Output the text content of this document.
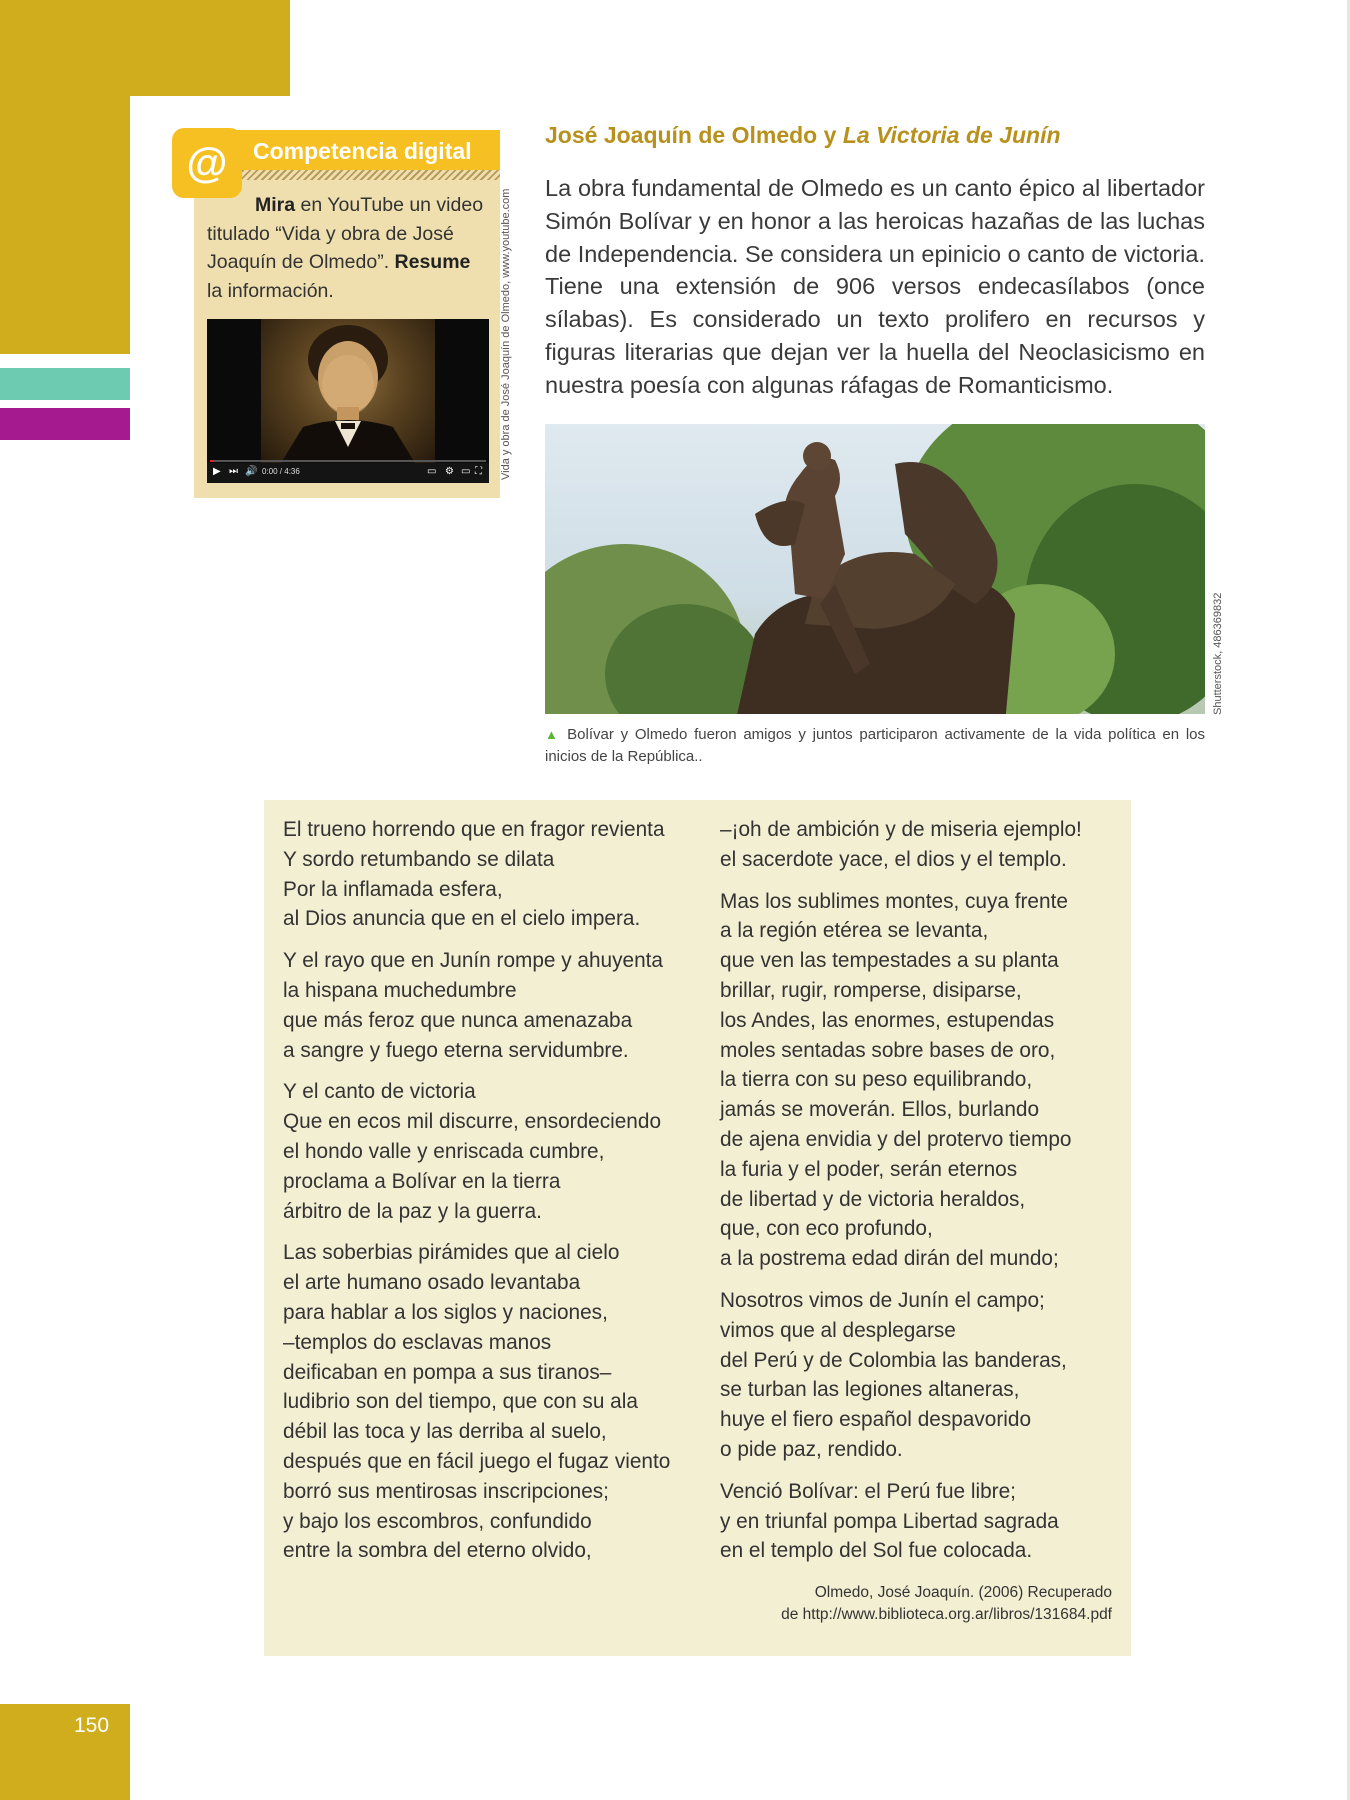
150
@	Competencia digital
Mira en YouTube un video titulado “Vida y obra de José Joaquín de Olmedo”. Resume la información.
▶ ⏭ 🔊 0:00 / 4:36	▭ ⚙ ▭ ⛶ Vida y obra de José Joaquín de Olmedo, www.youtube.com
José Joaquín de Olmedo y La Victoria de Junín
La obra fundamental de Olmedo es un canto épico al libertador Simón Bolívar y en honor a las heroicas hazañas de las luchas de Independencia. Se considera un epinicio o canto de victoria. Tiene una extensión de 906 versos endecasílabos (once sílabas). Es considerado un texto prolifero en recursos y figuras literarias que dejan ver la huella del Neoclasicismo en nuestra poesía con algunas ráfagas de Romanticismo.
Shutterstock, 486369832
▲ Bolívar y Olmedo fueron amigos y juntos participaron activamente de la vida política en los inicios de la República..
El trueno horrendo que en fragor revienta
Y sordo retumbando se dilata
Por la inflamada esfera,
al Dios anuncia que en el cielo impera.
Y el rayo que en Junín rompe y ahuyenta
la hispana muchedumbre
que más feroz que nunca amenazaba
a sangre y fuego eterna servidumbre.
Y el canto de victoria
Que en ecos mil discurre, ensordeciendo
el hondo valle y enriscada cumbre,
proclama a Bolívar en la tierra
árbitro de la paz y la guerra.
Las soberbias pirámides que al cielo
el arte humano osado levantaba
para hablar a los siglos y naciones,
–templos do esclavas manos
deificaban en pompa a sus tiranos–
ludibrio son del tiempo, que con su ala
débil las toca y las derriba al suelo,
después que en fácil juego el fugaz viento
borró sus mentirosas inscripciones;
y bajo los escombros, confundido
entre la sombra del eterno olvido,
–¡oh de ambición y de miseria ejemplo!
el sacerdote yace, el dios y el templo.
Mas los sublimes montes, cuya frente
a la región etérea se levanta,
que ven las tempestades a su planta
brillar, rugir, romperse, disiparse,
los Andes, las enormes, estupendas
moles sentadas sobre bases de oro,
la tierra con su peso equilibrando,
jamás se moverán. Ellos, burlando
de ajena envidia y del protervo tiempo
la furia y el poder, serán eternos
de libertad y de victoria heraldos,
que, con eco profundo,
a la postrema edad dirán del mundo;
Nosotros vimos de Junín el campo;
vimos que al desplegarse
del Perú y de Colombia las banderas,
se turban las legiones altaneras,
huye el fiero español despavorido
o pide paz, rendido.
Venció Bolívar: el Perú fue libre;
y en triunfal pompa Libertad sagrada
en el templo del Sol fue colocada.
Olmedo, José Joaquín. (2006) Recuperado
de http://www.biblioteca.org.ar/libros/131684.pdf
